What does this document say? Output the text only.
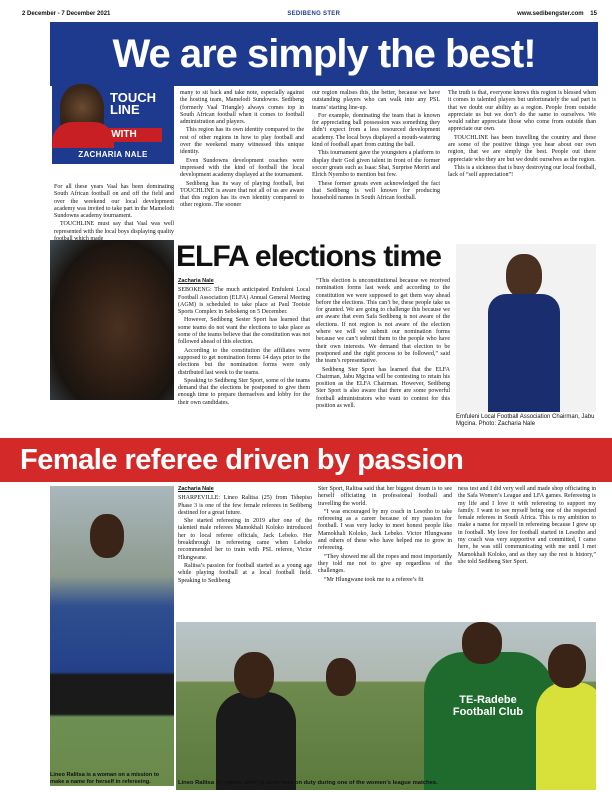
2 December - 7 December 2021	SEDIBENG STER	www.sedibengster.com 15
We are simply the best!
TOUCH
LINE
WITH
ZACHARIA NALE

For all these years Vaal has been dominating South African football on and off the field and over the weekend our local development academy was invited to take part in the Mamelodi Sundowns academy tournament.

TOUCHLINE must say that Vaal was well represented with the local boys displaying quality

many to sit back and take note, especially against the hosting team, Mamelodi Sundowns. Sedibeng (formerly Vaal Triangle) always comes top in South African football when it comes to football administration and players.

This region has its own identity compared to the rest of other regions in how to play football and over the weekend many witnessed this unique identity.

Even Sundowns development coaches were impressed with the kind of football the local development academy displayed at the tournament.

Sedibeng has its way of playing football, but TOUCHLINE is aware that not all of us are aware that this region has its own identity compared to other regions. The sooner

our region realises this, the better, because we have outstanding players who can walk into any PSL teams’ starting line-up.

For example, dominating the team that is known for appreciating ball possession was something they didn’t expect from a less resourced development academy. The local boys displayed a mouth-watering kind of football apart from cutting the ball.

This tournament gave the youngsters a platform to display their God given talent in front of the former soccer greats such as Isaac Shai, Surprise Moriri and Elrich Nyembo to mention but few.

These former greats even acknowledged the fact that Sedibeng is well known for producing household names in South African football.

The truth is that, everyone knows this region is blessed when it comes to talented players but unfortunately the sad part is that we doubt our ability as a region. People from outside appreciate us but we don’t do the same to ourselves. We would rather appreciate those who come from outside than appreciate our own.

TOUCHLINE has been travelling the country and these are some of the positive things you hear about our own region, that we are simply the best. People out there appreciate who they are but we doubt ourselves as the region.

This is a sickness that is busy destroying our local football, lack of “self appreciation”!

ELFA elections time
Zacharia Nale

SEBOKENG: The much anticipated Emfuleni Local Football Association (ELFA) Annual General Meeting (AGM) is scheduled to take place at Paul Tootsie Sports Complex in Sebokeng on 5 December.

However, Sedibeng Sester Sport has learned that some teams do not want the elections to take place as some of the teams believe that the constitution was not followed ahead of this election.

According to the constitution the affiliates were supposed to get nomination forms 14 days prior to the elections but the nomination forms were only distributed last week to the teams.

Speaking to Sedibeng Ster Sport, some of the teams demand that the elections be postponed to give them enough time to prepare themselves and lobby for the their own candidates.

“This election is unconstitutional because we received nomination forms last week and according to the constitution we were supposed to get them way ahead before the elections. This can’t be, these people take us for granted. We are going to challenge this because we are aware that even Safa Sedibeng is not aware of the elections. If not region is not aware of the election where we will we submit our nomination forms because we can’t submit them to the people who have their own interests. We demand that election to be postponed and the right process to be followed,” said the team’s representative.

Sedibeng Ster Sport has learned that the ELFA Chairman, Jabu Mgcina will be contesting to retain his position as the ELFA Chairman. However, Sedibeng Ster Sport is also aware that there are some powerful football administrators who want to contest for this position as well.

Emfuleni Local Football Association Chairman, Jabu Mgcina. Photo: Zacharia Nale
Female referee driven by passion
Lineo Ralitsa is a woman on a mission to make a name for herself in refereeing.
Zacharia Nale

SHARPEVILLE: Lineo Ralitsa (25) from Tshepiso Phase 3 is one of the few female referees in Sedibeng destined for a great future.

She started refereeing in 2019 after one of the talented male referees Mamokhali Koloko introduced her to local referee officials, Jack Lebeko. Her breakthrough in refereeing came when Lebeko recommended her to train with PSL referee, Victor Hlungwane.

Ralitsa’s passion for football started as a young age while playing football at a local football field. Speaking to Sedibeng

Ster Sport, Ralitsa said that her biggest dream is to see herself officiating in professional football and travelling the world.

“I was encouraged by my coach in Lesotho to take refereeing as a career because of my passion for football. I was very lucky to meet honest people like Mamokhali Koloko, Jack Lebeko. Victor Hlungwane and others of these who have helped me to grow in refereeing.

“They showed me all the ropes and most importantly they told me not to give up regardless of the challenges.

“Mr Hlungwane took me to a referee’s fit

ness test and I did very well and made shop officiating in the Safa Women’s League and LFA games. Refereeing is my life and I love it with refereeing to support my family. I want to see myself being one of the respected female referees in South Africa. This is my ambition to make a name for myself in refereeing because I grew up in football. My love for football started in Lesotho and my coach was very supportive and committed, I came here, he was still communicating with me until I met Mamokhali Koloko, and as they say the rest is history,” she told Sedibeng Ster Sport.

TE-Radebe
Football Club
Lineo Ralitsa (in yellow shirt) is seen here on duty during one of the women’s league matches.
